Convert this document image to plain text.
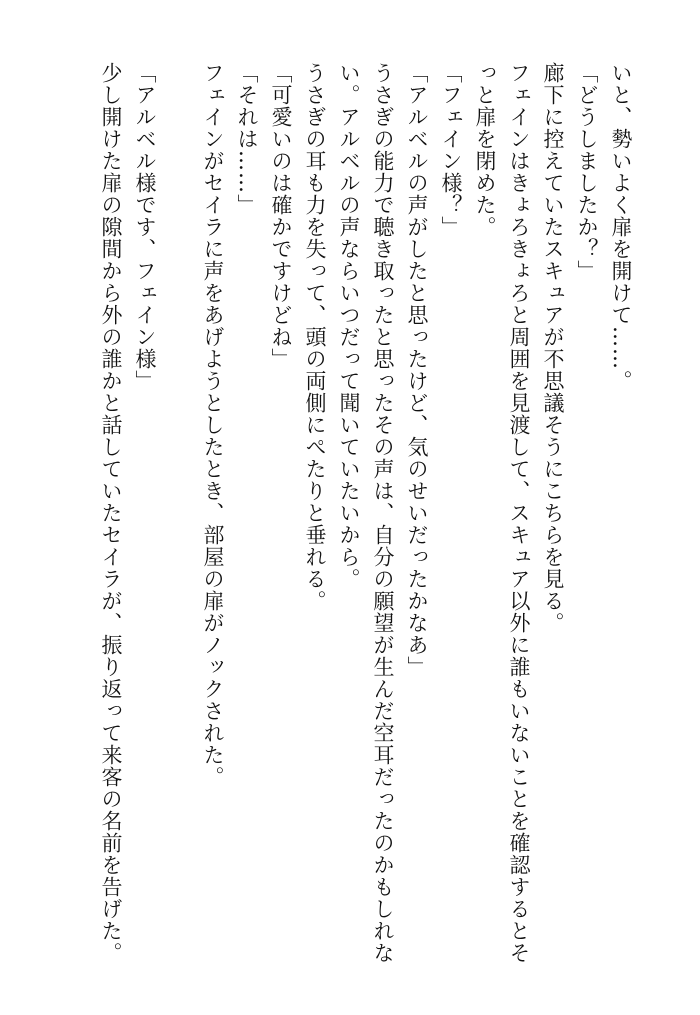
いと、勢いよく扉を開けて……。
「どうしましたか？」
廊下に控えていたスキュアが不思議そうにこちらを見る。
フェインはきょろきょろと周囲を見渡して、スキュア以外に誰もいないことを確認するとそ
っと扉を閉めた。
「フェイン様？」
「アルベルの声がしたと思ったけど、気のせいだったかなあ」
うさぎの能力で聴き取ったと思ったその声は、自分の願望が生んだ空耳だったのかもしれな
い。アルベルの声ならいつだって聞いていたいから。
うさぎの耳も力を失って、頭の両側にぺたりと垂れる。
「可愛いのは確かですけどね」
「それは……」
フェインがセイラに声をあげようとしたとき、部屋の扉がノックされた。
「アルベル様です、フェイン様」
少し開けた扉の隙間から外の誰かと話していたセイラが、振り返って来客の名前を告げた。
